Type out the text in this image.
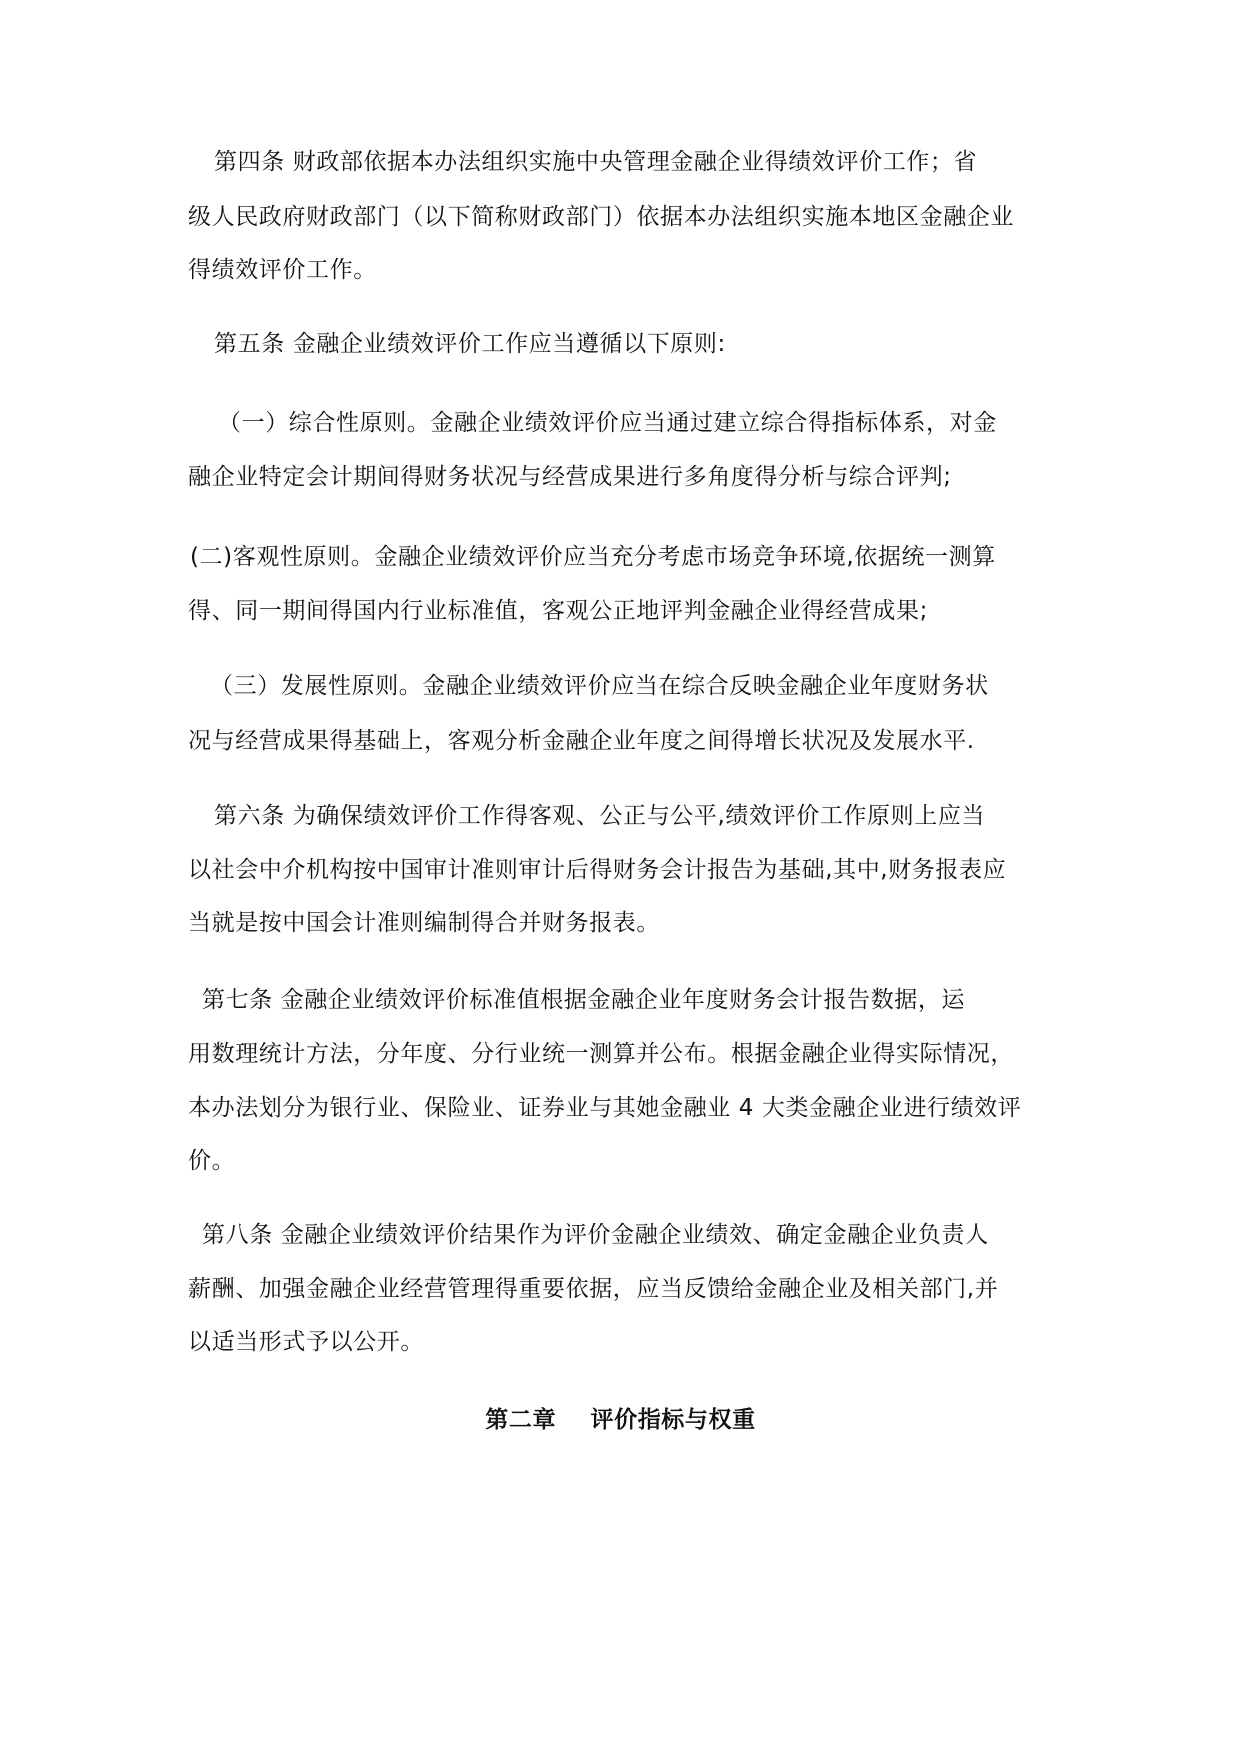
第四条 财政部依据本办法组织实施中央管理金融企业得绩效评价工作；省
级人民政府财政部门（以下简称财政部门）依据本办法组织实施本地区金融企业
得绩效评价工作。
第五条 金融企业绩效评价工作应当遵循以下原则:
（一）综合性原则。金融企业绩效评价应当通过建立综合得指标体系，对金
融企业特定会计期间得财务状况与经营成果进行多角度得分析与综合评判;
(二)客观性原则。金融企业绩效评价应当充分考虑市场竞争环境,依据统一测算
得、同一期间得国内行业标准值，客观公正地评判金融企业得经营成果;
（三）发展性原则。金融企业绩效评价应当在综合反映金融企业年度财务状
况与经营成果得基础上，客观分析金融企业年度之间得增长状况及发展水平.
第六条 为确保绩效评价工作得客观、公正与公平,绩效评价工作原则上应当
以社会中介机构按中国审计准则审计后得财务会计报告为基础,其中,财务报表应
当就是按中国会计准则编制得合并财务报表。
第七条 金融企业绩效评价标准值根据金融企业年度财务会计报告数据，运
用数理统计方法，分年度、分行业统一测算并公布。根据金融企业得实际情况，
本办法划分为银行业、保险业、证券业与其她金融业 4 大类金融企业进行绩效评
价。
第八条 金融企业绩效评价结果作为评价金融企业绩效、确定金融企业负责人
薪酬、加强金融企业经营管理得重要依据，应当反馈给金融企业及相关部门,并
以适当形式予以公开。
第二章    评价指标与权重
